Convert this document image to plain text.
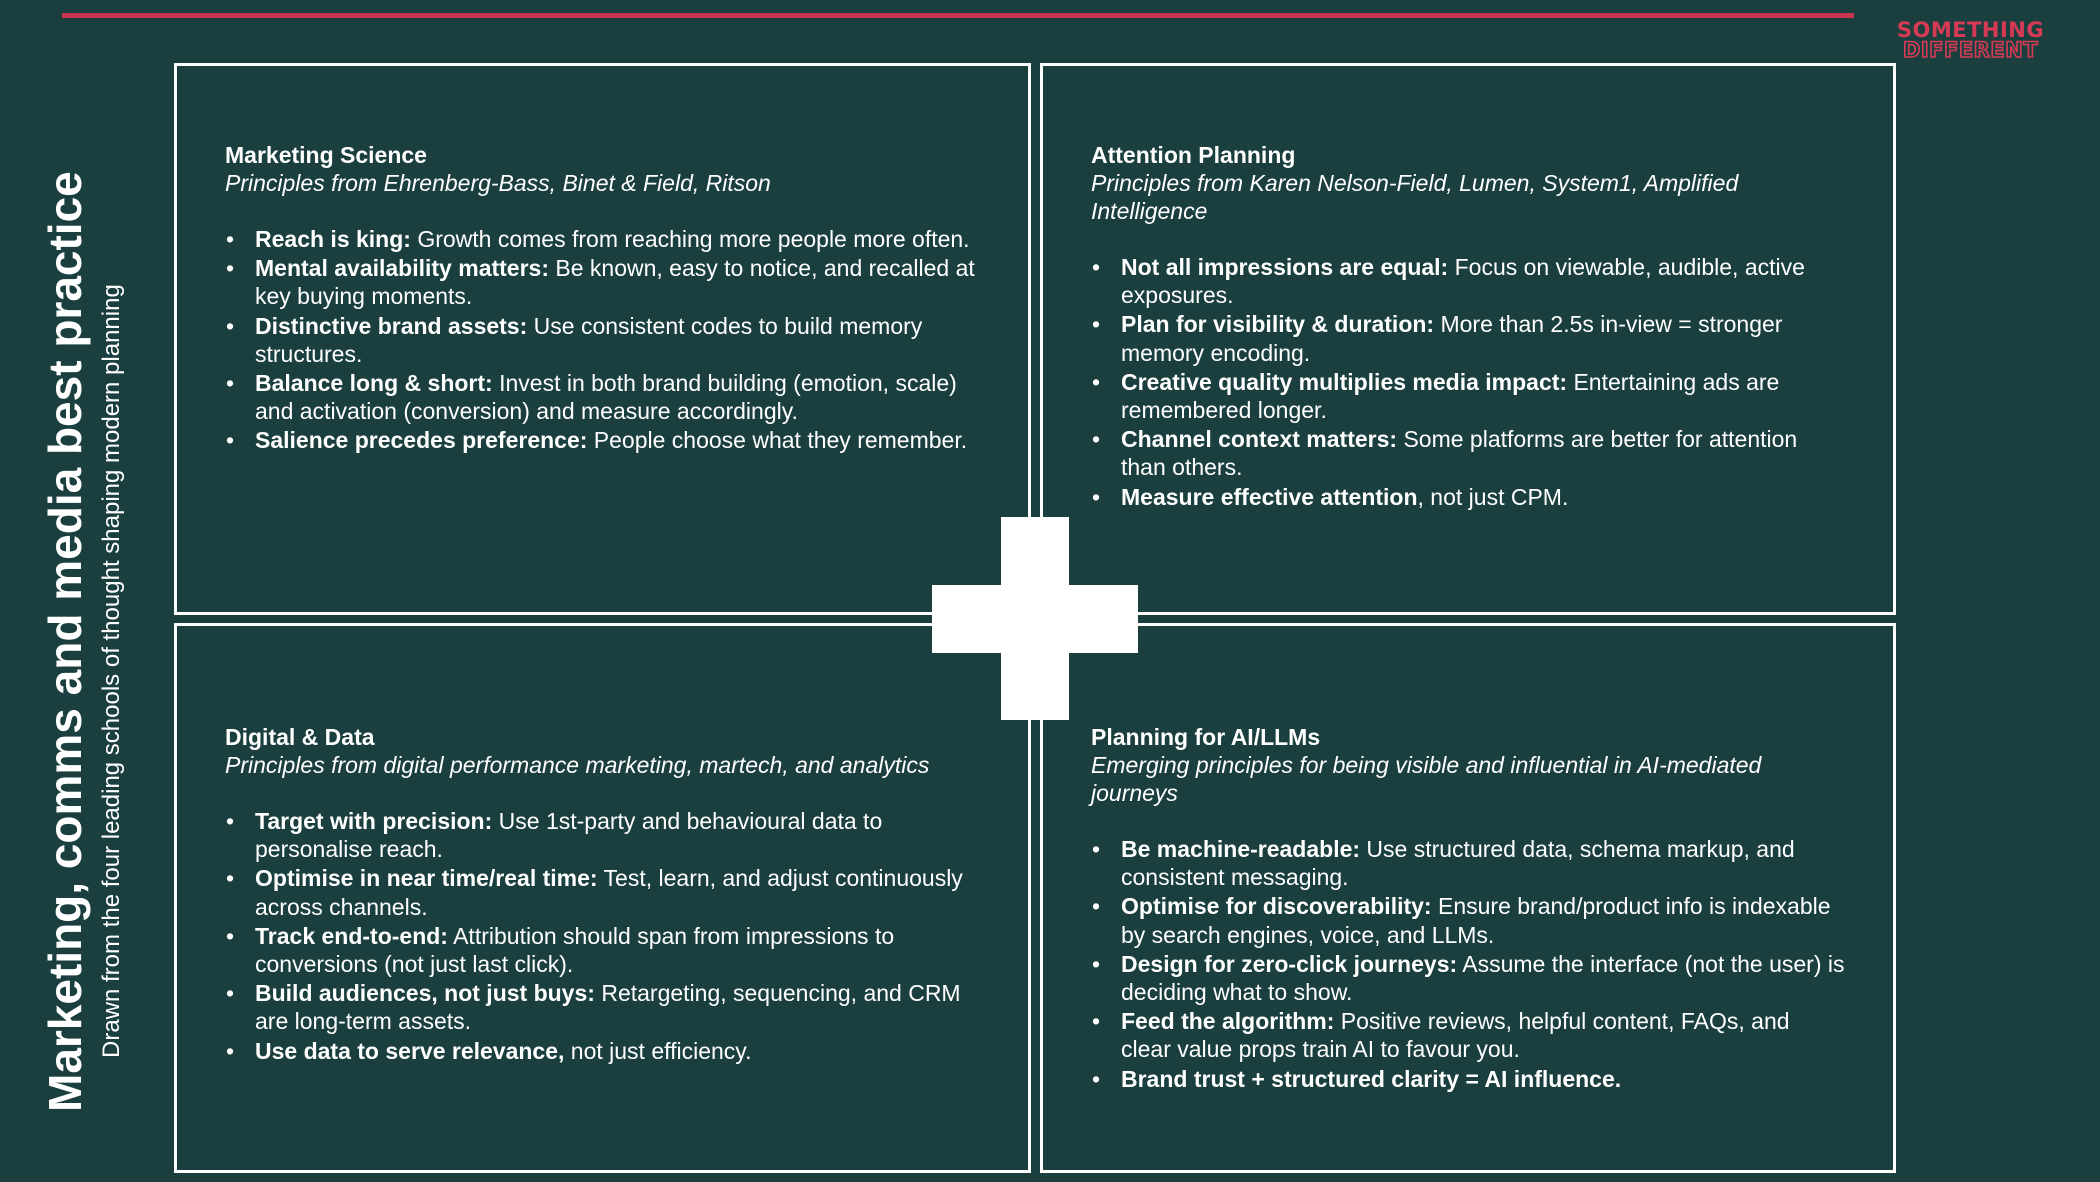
SOMETHING
DIFFERENT
Marketing, comms and media best practice Drawn from the four leading schools of thought shaping modern planning
Marketing Science
Principles from Ehrenberg-Bass, Binet & Field, Ritson
• Reach is king: Growth comes from reaching more people more often.
• Mental availability matters: Be known, easy to notice, and recalled at key buying moments.
• Distinctive brand assets: Use consistent codes to build memory structures.
• Balance long & short: Invest in both brand building (emotion, scale) and activation (conversion) and measure accordingly.
• Salience precedes preference: People choose what they remember.
Attention Planning
Principles from Karen Nelson-Field, Lumen, System1, Amplified Intelligence
• Not all impressions are equal: Focus on viewable, audible, active exposures.
• Plan for visibility & duration: More than 2.5s in-view = stronger memory encoding.
• Creative quality multiplies media impact: Entertaining ads are remembered longer.
• Channel context matters: Some platforms are better for attention than others.
• Measure effective attention, not just CPM.
Digital & Data
Principles from digital performance marketing, martech, and analytics
• Target with precision: Use 1st-party and behavioural data to personalise reach.
• Optimise in near time/real time: Test, learn, and adjust continuously across channels.
• Track end-to-end: Attribution should span from impressions to conversions (not just last click).
• Build audiences, not just buys: Retargeting, sequencing, and CRM are long-term assets.
• Use data to serve relevance, not just efficiency.
Planning for AI/LLMs
Emerging principles for being visible and influential in AI-mediated journeys
• Be machine-readable: Use structured data, schema markup, and consistent messaging.
• Optimise for discoverability: Ensure brand/product info is indexable by search engines, voice, and LLMs.
• Design for zero-click journeys: Assume the interface (not the user) is deciding what to show.
• Feed the algorithm: Positive reviews, helpful content, FAQs, and clear value props train AI to favour you.
• Brand trust + structured clarity = AI influence.
